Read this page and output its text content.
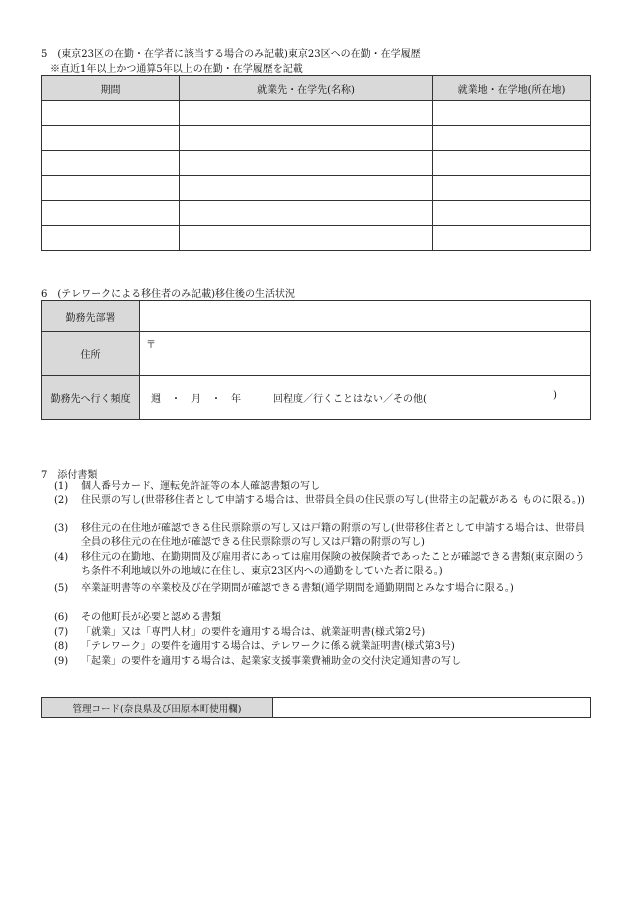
5　(東京23区の在勤・在学者に該当する場合のみ記載)東京23区への在勤・在学履歴
※直近1年以上かつ通算5年以上の在勤・在学履歴を記載
期間	就業先・在学先(名称)	就業地・在学地(所在地)

6　(テレワークによる移住者のみ記載)移住後の生活状況
勤務先部署	
住所	〒
勤務先へ行く頻度	週　・　月　・　年 回程度／行くことはない／その他( )
7　添付書類
(1) 個人番号カード、運転免許証等の本人確認書類の写し
(2) 住民票の写し(世帯移住者として申請する場合は、世帯員全員の住民票の写し(世帯主の記載がある ものに限る。))
(3) 移住元の在住地が確認できる住民票除票の写し又は戸籍の附票の写し(世帯移住者として申請する場合は、世帯員全員の移住元の在住地が確認できる住民票除票の写し又は戸籍の附票の写し)
(4) 移住元の在勤地、在勤期間及び雇用者にあっては雇用保険の被保険者であったことが確認できる書類(東京圏のうち条件不利地域以外の地域に在住し、東京23区内への通勤をしていた者に限る。)
(5) 卒業証明書等の卒業校及び在学期間が確認できる書類(通学期間を通勤期間とみなす場合に限る。)
(6) その他町長が必要と認める書類
(7) 「就業」又は「専門人材」の要件を適用する場合は、就業証明書(様式第2号)
(8) 「テレワーク」の要件を適用する場合は、テレワークに係る就業証明書(様式第3号)
(9) 「起業」の要件を適用する場合は、起業家支援事業費補助金の交付決定通知書の写し
管理コード(奈良県及び田原本町使用欄)	
